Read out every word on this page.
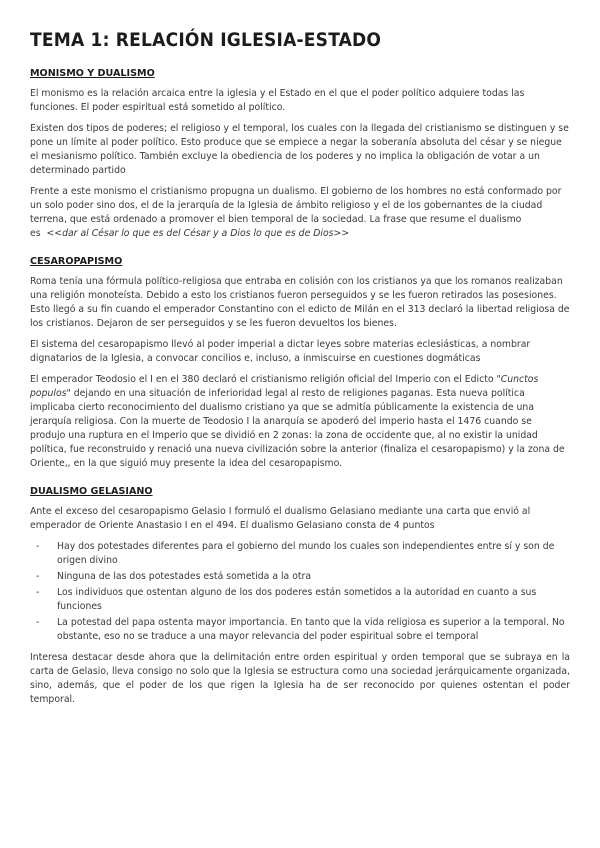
TEMA 1: RELACIÓN IGLESIA-ESTADO
MONISMO Y DUALISMO

El monismo es la relación arcaica entre la iglesia y el Estado en el que el poder político adquiere todas las funciones. El poder espiritual está sometido al político.

Existen dos tipos de poderes; el religioso y el temporal, los cuales con la llegada del cristianismo se distinguen y se pone un límite al poder político. Esto produce que se empiece a negar la soberanía absoluta del césar y se niegue el mesianismo político. También excluye la obediencia de los poderes y no implica la obligación de votar a un determinado partido

Frente a este monismo el cristianismo propugna un dualismo. El gobierno de los hombres no está conformado por un solo poder sino dos, el de la jerarquía de la Iglesia de ámbito religioso y el de los gobernantes de la ciudad terrena, que está ordenado a promover el bien temporal de la sociedad. La frase que resume el dualismo es <<dar al César lo que es del César y a Dios lo que es de Dios>>

CESAROPAPISMO

Roma tenía una fórmula político-religiosa que entraba en colisión con los cristianos ya que los romanos realizaban una religión monoteísta. Debido a esto los cristianos fueron perseguidos y se les fueron retirados las posesiones. Esto llegó a su fin cuando el emperador Constantino con el edicto de Milán en el 313 declaró la libertad religiosa de los cristianos. Dejaron de ser perseguidos y se les fueron devueltos los bienes.

El sistema del cesaropapismo llevó al poder imperial a dictar leyes sobre materias eclesiásticas, a nombrar dignatarios de la Iglesia, a convocar concilios e, incluso, a inmiscuirse en cuestiones dogmáticas

El emperador Teodosio el I en el 380 declaró el cristianismo religión oficial del Imperio con el Edicto "Cunctos populos" dejando en una situación de inferioridad legal al resto de religiones paganas. Esta nueva política implicaba cierto reconocimiento del dualismo cristiano ya que se admitía públicamente la existencia de una jerarquía religiosa. Con la muerte de Teodosio I la anarquía se apoderó del imperio hasta el 1476 cuando se produjo una ruptura en el Imperio que se dividió en 2 zonas: la zona de occidente que, al no existir la unidad política, fue reconstruido y renació una nueva civilización sobre la anterior (finaliza el cesaropapismo) y la zona de Oriente,, en la que siguió muy presente la idea del cesaropapismo.

DUALISMO GELASIANO

Ante el exceso del cesaropapismo Gelasio I formuló el dualismo Gelasiano mediante una carta que envió al emperador de Oriente Anastasio I en el 494. El dualismo Gelasiano consta de 4 puntos

- Hay dos potestades diferentes para el gobierno del mundo los cuales son independientes entre sí y son de origen divino
- Ninguna de las dos potestades está sometida a la otra
- Los individuos que ostentan alguno de los dos poderes están sometidos a la autoridad en cuanto a sus funciones
- La potestad del papa ostenta mayor importancia. En tanto que la vida religiosa es superior a la temporal. No obstante, eso no se traduce a una mayor relevancia del poder espiritual sobre el temporal

Interesa destacar desde ahora que la delimitación entre orden espiritual y orden temporal que se subraya en la carta de Gelasio, lleva consigo no solo que la Iglesia se estructura como una sociedad jerárquicamente organizada, sino, además, que el poder de los que rigen la Iglesia ha de ser reconocido por quienes ostentan el poder temporal.
